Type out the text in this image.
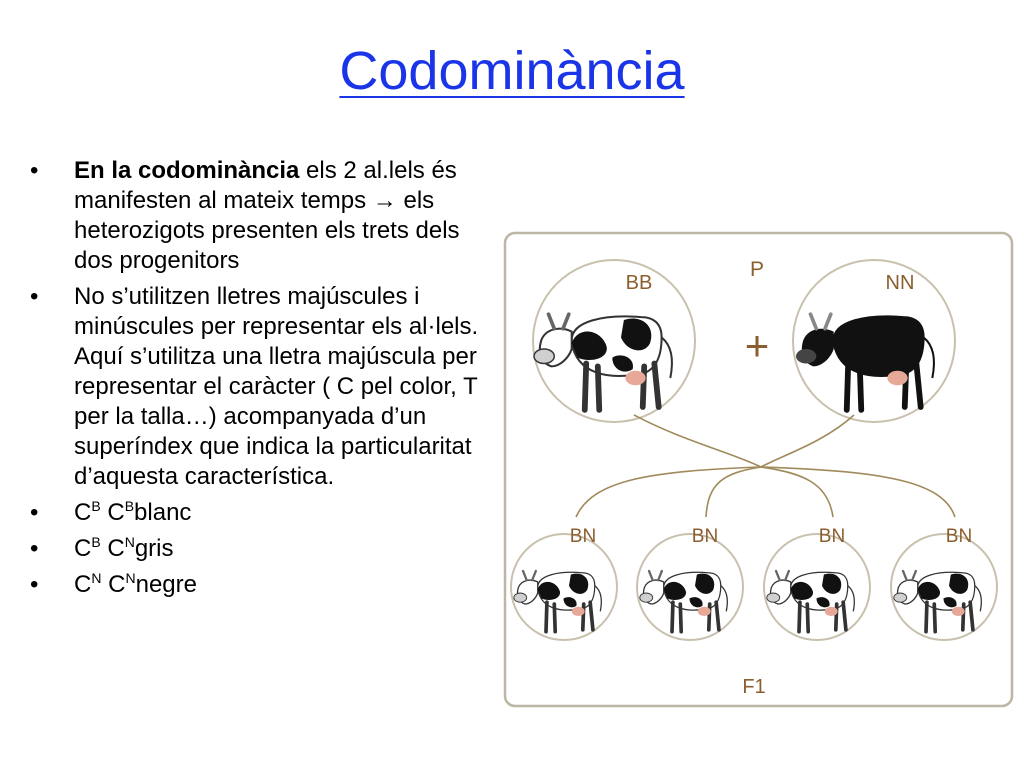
Codominància
• En la codominància els 2 al.lels és manifesten al mateix temps → els heterozigots presenten els trets dels dos progenitors
• No s’utilitzen lletres majúscules i minúscules per representar els al·lels. Aquí s’utilitza una lletra majúscula per representar el caràcter ( C pel color, T per la talla…) acompanyada d’un superíndex que indica la particularitat d’aquesta característica.
• $C^B$ $C^Bblanc$
• $C^B$ $C^Ngris$
• $C^N$ $C^Nnegre$
P
+
BB	NN
BN	BN	BN	BN
F1
